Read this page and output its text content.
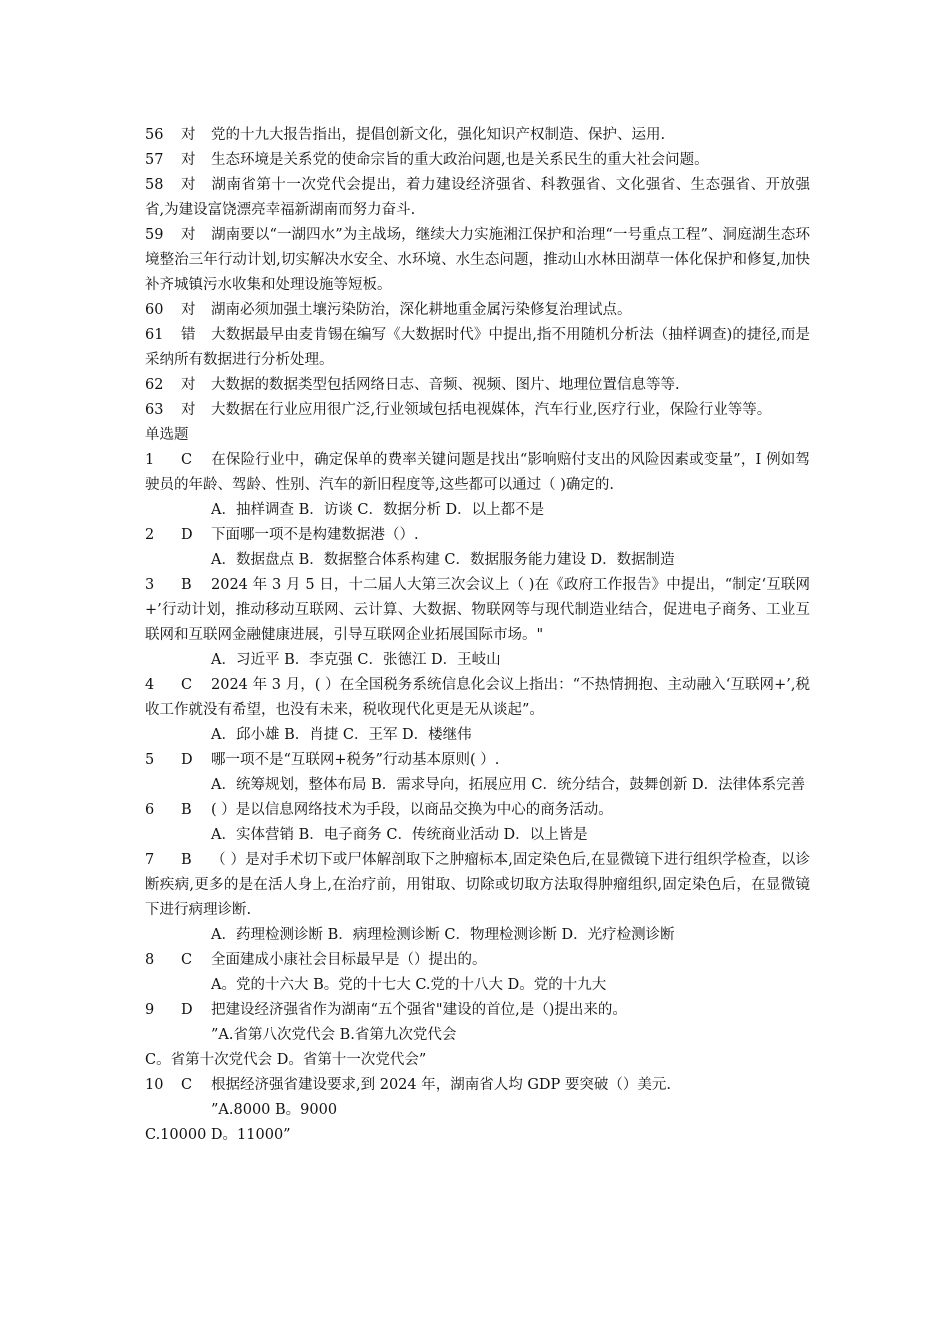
56 对 党的十九大报告指出，提倡创新文化，强化知识产权制造、保护、运用.

57 对 生态环境是关系党的使命宗旨的重大政治问题,也是关系民生的重大社会问题。

58 对 湖南省第十一次党代会提出，着力建设经济强省、科教强省、文化强省、生态强省、开放强省,为建设富饶漂亮幸福新湖南而努力奋斗.

59 对 湖南要以“一湖四水”为主战场，继续大力实施湘江保护和治理“一号重点工程”、洞庭湖生态环境整治三年行动计划,切实解决水安全、水环境、水生态问题，推动山水林田湖草一体化保护和修复,加快补齐城镇污水收集和处理设施等短板。

60 对 湖南必须加强土壤污染防治，深化耕地重金属污染修复治理试点。

61 错 大数据最早由麦肯锡在编写《大数据时代》中提出,指不用随机分析法（抽样调查)的捷径,而是采纳所有数据进行分析处理。

62 对 大数据的数据类型包括网络日志、音频、视频、图片、地理位置信息等等.

63 对 大数据在行业应用很广泛,行业领域包括电视媒体，汽车行业,医疗行业，保险行业等等。

单选题

1 C 在保险行业中，确定保单的费率关键问题是找出“影响赔付支出的风险因素或变量”，I 例如驾驶员的年龄、驾龄、性别、汽车的新旧程度等,这些都可以通过（ )确定的.

A．抽样调查 B．访谈 C．数据分析 D．以上都不是

2 D 下面哪一项不是构建数据港（）.

A．数据盘点 B．数据整合体系构建 C．数据服务能力建设 D．数据制造

3 B 2024 年 3 月 5 日，十二届人大第三次会议上（ )在《政府工作报告》中提出，“制定‘互联网+’行动计划，推动移动互联网、云计算、大数据、物联网等与现代制造业结合，促进电子商务、工业互联网和互联网金融健康进展，引导互联网企业拓展国际市场。"

A．习近平 B．李克强 C．张德江 D．王岐山

4 C 2024 年 3 月，( ）在全国税务系统信息化会议上指出：“不热情拥抱、主动融入‘互联网+’,税收工作就没有希望，也没有未来，税收现代化更是无从谈起”。

A．邱小雄 B．肖捷 C．王军 D．楼继伟

5 D 哪一项不是“互联网+税务”行动基本原则( ）.

A．统筹规划，整体布局 B．需求导向，拓展应用 C．统分结合，鼓舞创新 D．法律体系完善

6 B ( ）是以信息网络技术为手段，以商品交换为中心的商务活动。

A．实体营销 B．电子商务 C．传统商业活动 D．以上皆是

7 B （ ）是对手术切下或尸体解剖取下之肿瘤标本,固定染色后,在显微镜下进行组织学检查，以诊断疾病,更多的是在活人身上,在治疗前，用钳取、切除或切取方法取得肿瘤组织,固定染色后，在显微镜下进行病理诊断.

A．药理检测诊断 B．病理检测诊断 C．物理检测诊断 D．光疗检测诊断

8 C 全面建成小康社会目标最早是（）提出的。

A。党的十六大 B。党的十七大 C.党的十八大 D。党的十九大

9 D 把建设经济强省作为湖南“五个强省"建设的首位,是（)提出来的。

”A.省第八次党代会 B.省第九次党代会

C。省第十次党代会 D。省第十一次党代会”

10 C 根据经济强省建设要求,到 2024 年，湖南省人均 GDP 要突破（）美元.

”A.8000 B。9000

C.10000 D。11000”
